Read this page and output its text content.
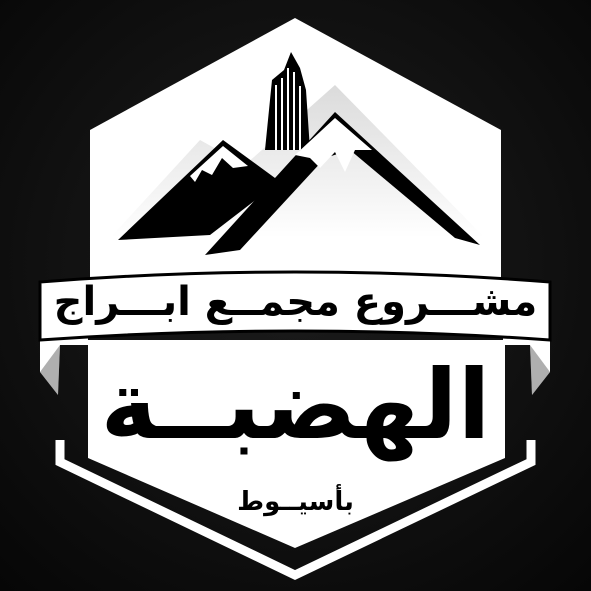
مشـــروع مجمــع ابـــراج
الهضبــة
بأسيــوط
